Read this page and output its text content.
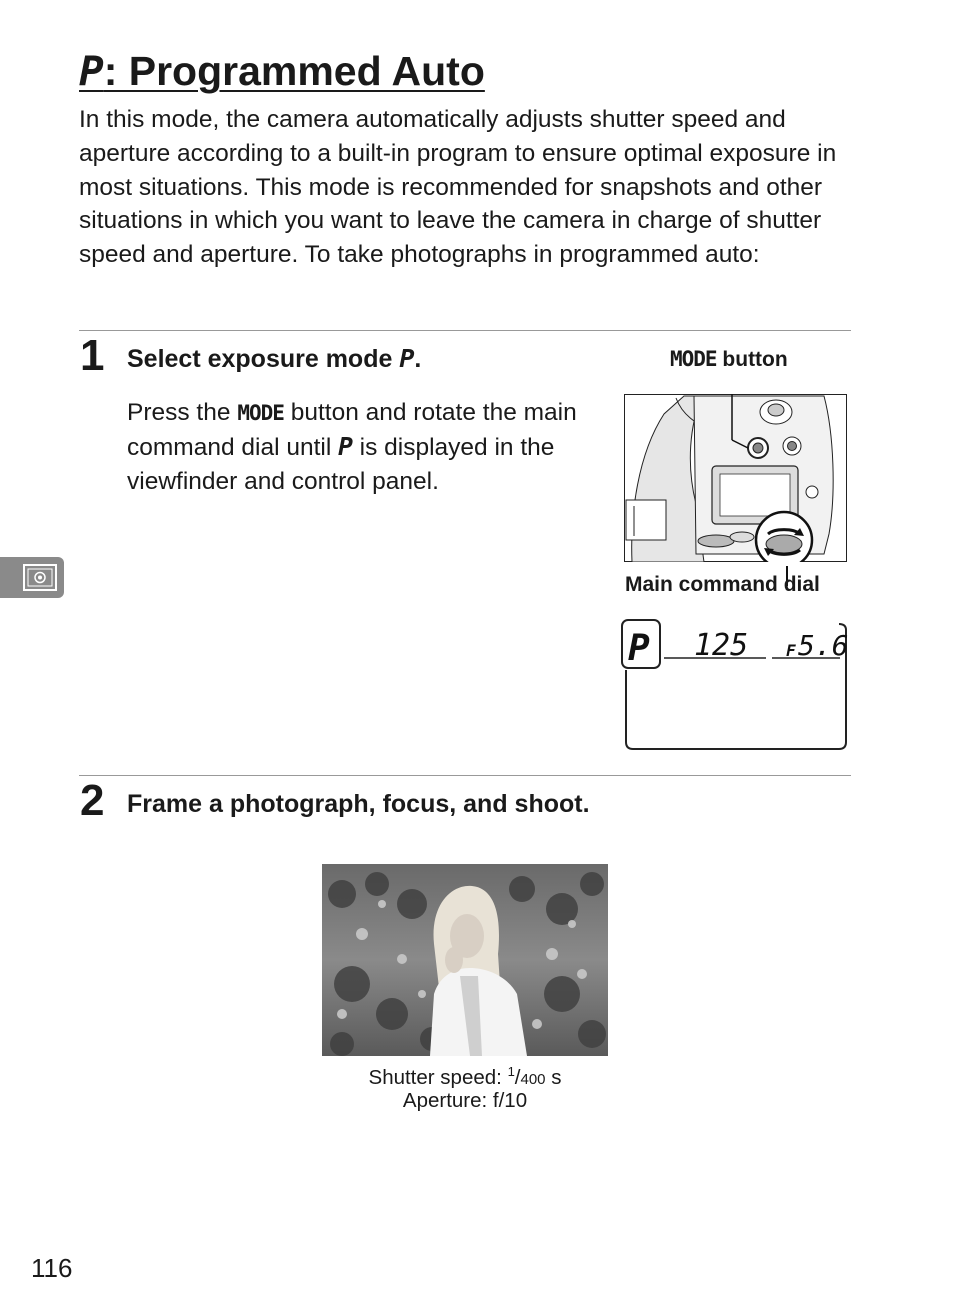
P: Programmed Auto

In this mode, the camera automatically adjusts shutter speed and aperture according to a built-in program to ensure optimal exposure in most situations. This mode is recommended for snapshots and other situations in which you want to leave the camera in charge of shutter speed and aperture. To take photographs in programmed auto:

1 Select exposure mode P.

Press the MODE button and rotate the main command dial until P is displayed in the viewfinder and control panel.

MODE button
Main command dial
P 125 F 5.6
2 Frame a photograph, focus, and shoot.
Shutter speed: $^1$/400 s
Aperture: f/10
116
